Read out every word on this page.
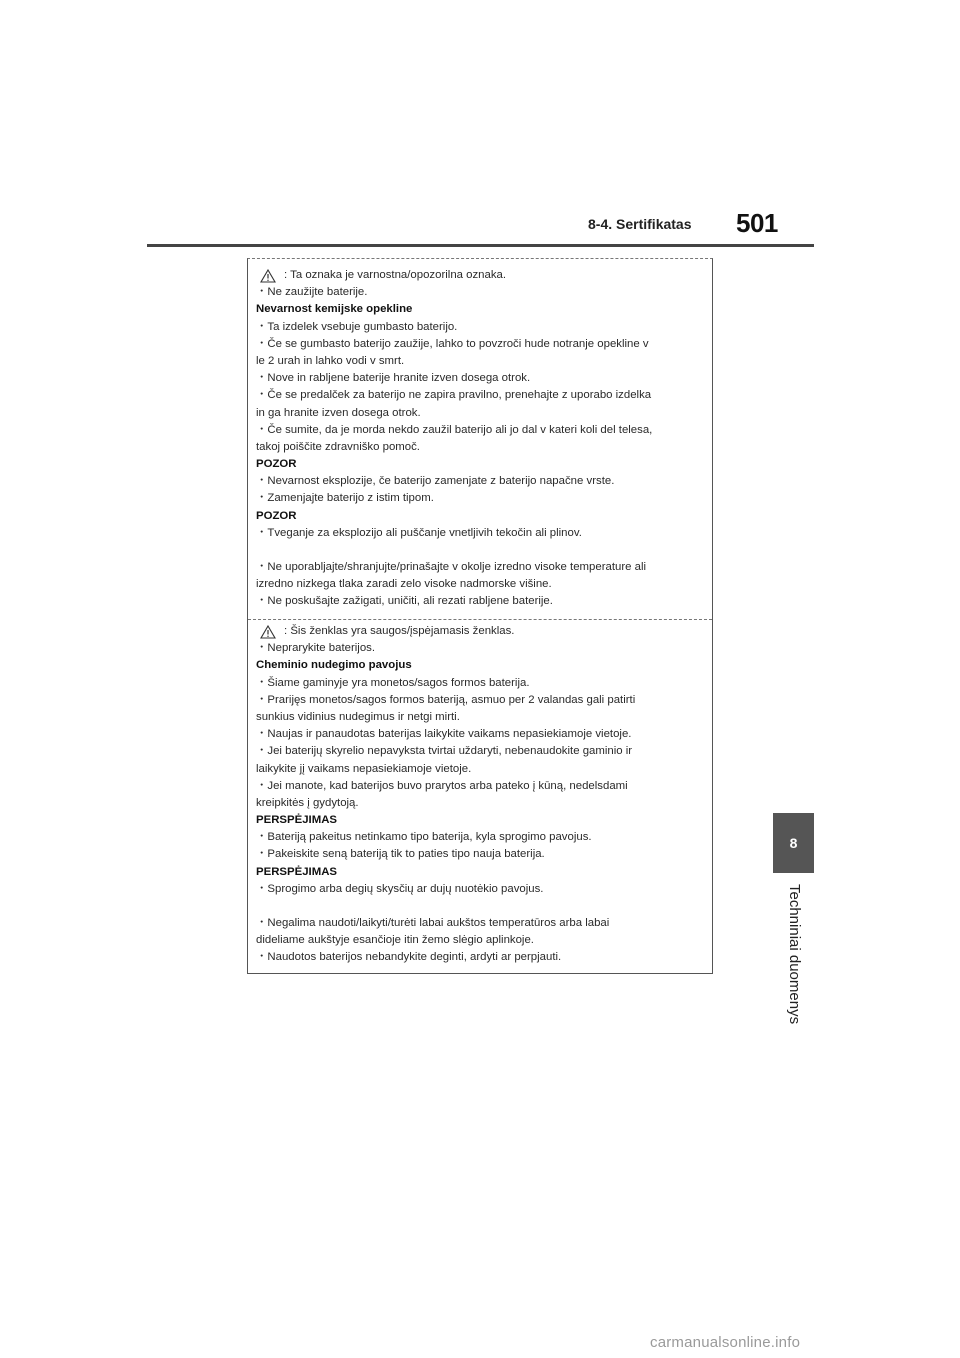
8-4. Sertifikatas 501
8
Techniniai duomenys
: Ta oznaka je varnostna/opozorilna oznaka.
・Ne zaužijte baterije.
Nevarnost kemijske opekline
・Ta izdelek vsebuje gumbasto baterijo.
・Če se gumbasto baterijo zaužije, lahko to povzroči hude notranje opekline v
le 2 urah in lahko vodi v smrt.
・Nove in rabljene baterije hranite izven dosega otrok.
・Če se predalček za baterijo ne zapira pravilno, prenehajte z uporabo izdelka
in ga hranite izven dosega otrok.
・Če sumite, da je morda nekdo zaužil baterijo ali jo dal v kateri koli del telesa,
takoj poiščite zdravniško pomoč.
POZOR
・Nevarnost eksplozije, če baterijo zamenjate z baterijo napačne vrste.
・Zamenjajte baterijo z istim tipom.
POZOR
・Tveganje za eksplozijo ali puščanje vnetljivih tekočin ali plinov.
・Ne uporabljajte/shranjujte/prinašajte v okolje izredno visoke temperature ali
izredno nizkega tlaka zaradi zelo visoke nadmorske višine.
・Ne poskušajte zažigati, uničiti, ali rezati rabljene baterije.
: Šis ženklas yra saugos/įspėjamasis ženklas.
・Neprarykite baterijos.
Cheminio nudegimo pavojus
・Šiame gaminyje yra monetos/sagos formos baterija.
・Prarijęs monetos/sagos formos bateriją, asmuo per 2 valandas gali patirti
sunkius vidinius nudegimus ir netgi mirti.
・Naujas ir panaudotas baterijas laikykite vaikams nepasiekiamoje vietoje.
・Jei baterijų skyrelio nepavyksta tvirtai uždaryti, nebenaudokite gaminio ir
laikykite jį vaikams nepasiekiamoje vietoje.
・Jei manote, kad baterijos buvo prarytos arba pateko į kūną, nedelsdami
kreipkitės į gydytoją.
PERSPĖJIMAS
・Bateriją pakeitus netinkamo tipo baterija, kyla sprogimo pavojus.
・Pakeiskite seną bateriją tik to paties tipo nauja baterija.
PERSPĖJIMAS
・Sprogimo arba degių skysčių ar dujų nuotėkio pavojus.
・Negalima naudoti/laikyti/turėti labai aukštos temperatūros arba labai
dideliame aukštyje esančioje itin žemo slėgio aplinkoje.
・Naudotos baterijos nebandykite deginti, ardyti ar perpjauti.
carmanualsonline.info
